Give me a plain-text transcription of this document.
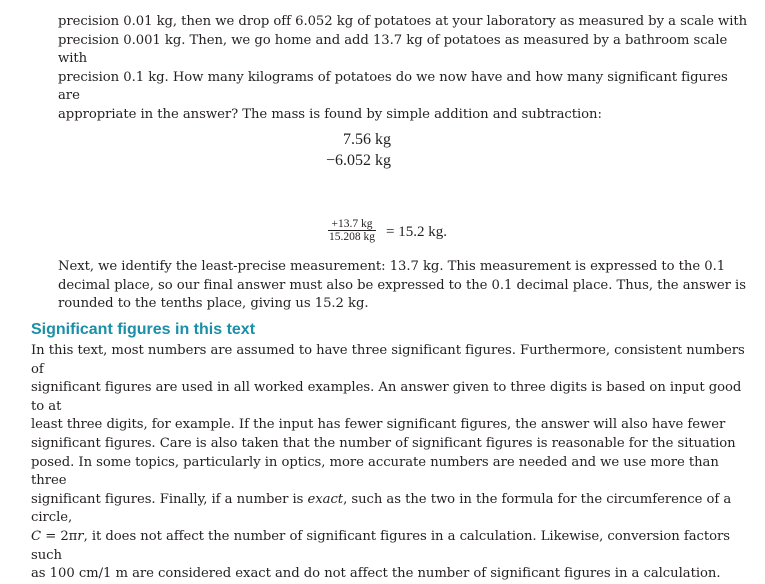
precision 0.01 kg, then we drop off 6.052 kg of potatoes at your laboratory as measured by a scale with
precision 0.001 kg. Then, we go home and add 13.7 kg of potatoes as measured by a bathroom scale with
precision 0.1 kg. How many kilograms of potatoes do we now have and how many significant figures are
appropriate in the answer? The mass is found by simple addition and subtraction:

7.56 kg
−6.052 kg
$\frac{+13.7 kg}{15.208 kg} = 15.2$ kg.

Next, we identify the least-precise measurement: 13.7 kg. This measurement is expressed to the 0.1
decimal place, so our final answer must also be expressed to the 0.1 decimal place. Thus, the answer is
rounded to the tenths place, giving us 15.2 kg.

Significant figures in this text

In this text, most numbers are assumed to have three significant figures. Furthermore, consistent numbers of
significant figures are used in all worked examples. An answer given to three digits is based on input good to at
least three digits, for example. If the input has fewer significant figures, the answer will also have fewer
significant figures. Care is also taken that the number of significant figures is reasonable for the situation
posed. In some topics, particularly in optics, more accurate numbers are needed and we use more than three
significant figures. Finally, if a number is exact, such as the two in the formula for the circumference of a circle,
C = 2πr, it does not affect the number of significant figures in a calculation. Likewise, conversion factors such
as 100 cm/1 m are considered exact and do not affect the number of significant figures in a calculation.
